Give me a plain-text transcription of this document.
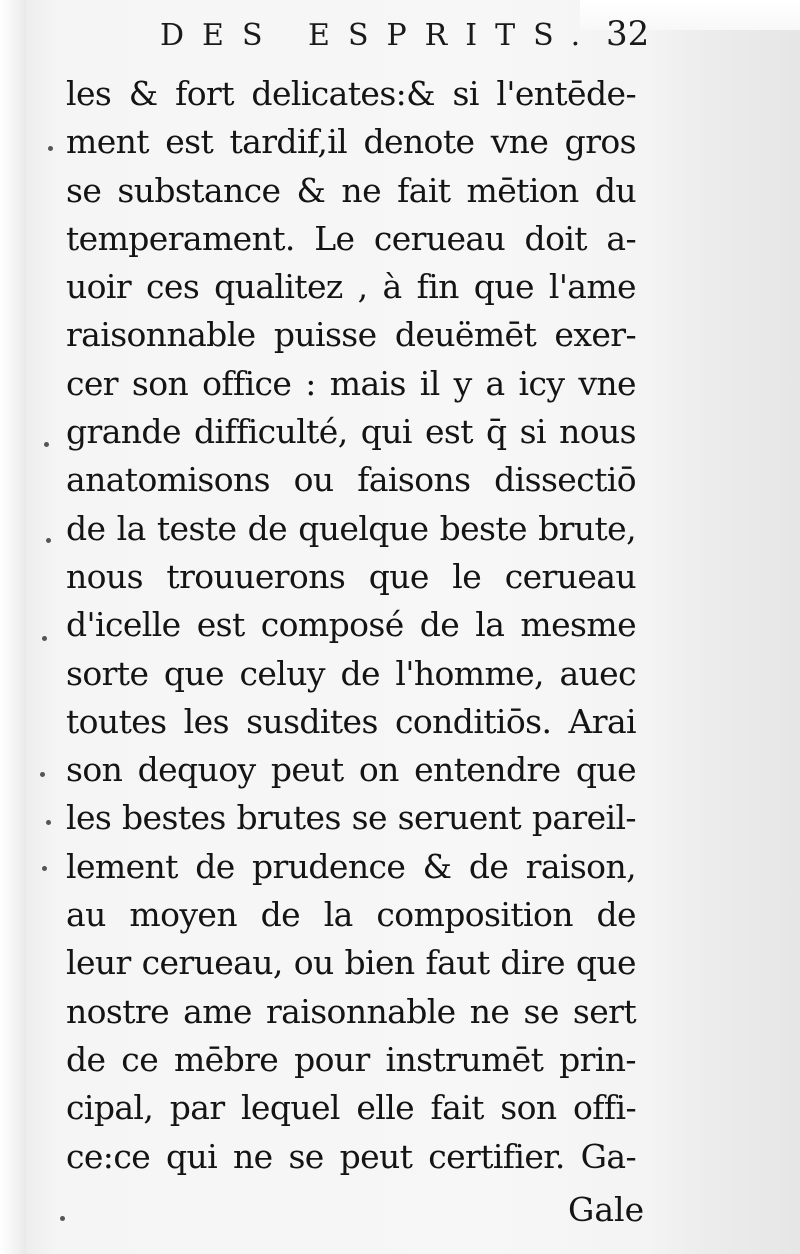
DES ESPRITS. 32
les & fort delicates:& si l'entēde-
ment est tardif,il denote vne gros
se substance & ne fait mētion du
temperament. Le cerueau doit a-
uoir ces qualitez , à fin que l'ame
raisonnable puisse deuëmēt exer-
cer son office : mais il y a icy vne
grande difficulté, qui est q̄ si nous
anatomisons ou faisons dissectiō
de la teste de quelque beste brute,
nous trouuerons que le cerueau
d'icelle est composé de la mesme
sorte que celuy de l'homme, auec
toutes les susdites conditiōs. Arai
son dequoy peut on entendre que
les bestes brutes se seruent pareil-
lement de prudence & de raison,
au moyen de la composition de
leur cerueau, ou bien faut dire que
nostre ame raisonnable ne se sert
de ce mēbre pour instrumēt prin-
cipal, par lequel elle fait son offi-
ce:ce qui ne se peut certifier. Ga-
Gale
